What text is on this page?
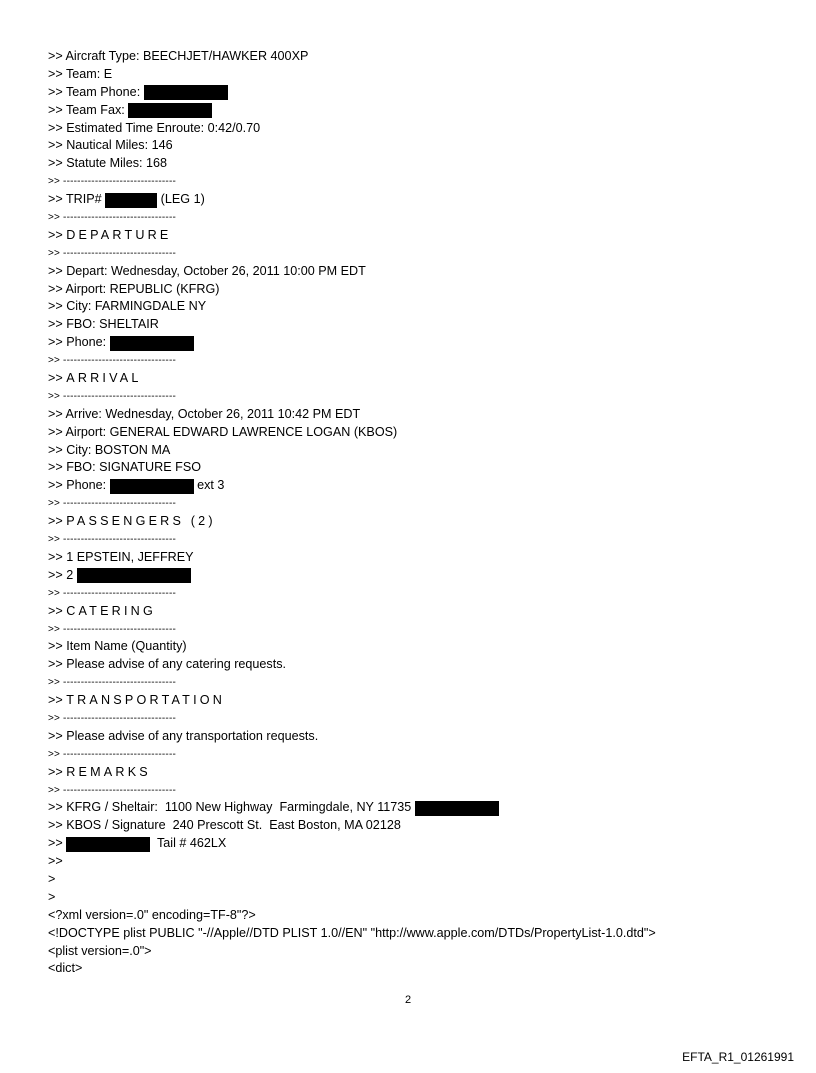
>> Aircraft Type: BEECHJET/HAWKER 400XP
>> Team: E
>> Team Phone:
>> Team Fax:
>> Estimated Time Enroute: 0:42/0.70
>> Nautical Miles: 146
>> Statute Miles: 168
>> --------------------------------
>> TRIP#	(LEG 1)
>> --------------------------------
>> DEPARTURE
>> --------------------------------
>> Depart: Wednesday, October 26, 2011 10:00 PM EDT
>> Airport: REPUBLIC (KFRG)
>> City: FARMINGDALE NY
>> FBO: SHELTAIR
>> Phone:
>> --------------------------------
>> ARRIVAL
>> --------------------------------
>> Arrive: Wednesday, October 26, 2011 10:42 PM EDT
>> Airport: GENERAL EDWARD LAWRENCE LOGAN (KBOS)
>> City: BOSTON MA
>> FBO: SIGNATURE FSO
>> Phone:	ext 3
>> --------------------------------
>> PASSENGERS (2)
>> --------------------------------
>> 1 EPSTEIN, JEFFREY
>> 2
>> --------------------------------
>> CATERING
>> --------------------------------
>> Item Name (Quantity)
>> Please advise of any catering requests.
>> --------------------------------
>> TRANSPORTATION
>> --------------------------------
>> Please advise of any transportation requests.
>> --------------------------------
>> REMARKS
>> --------------------------------
>> KFRG / Sheltair:  1100 New Highway  Farmingdale, NY 11735
>> KBOS / Signature  240 Prescott St.  East Boston, MA 02128
>>	Tail # 462LX
>>
>
>
<?xml version=.0" encoding=TF-8"?>
<!DOCTYPE plist PUBLIC "-//Apple//DTD PLIST 1.0//EN" "http://www.apple.com/DTDs/PropertyList-1.0.dtd">
<plist version=.0">
<dict>
2
EFTA_R1_01261991
